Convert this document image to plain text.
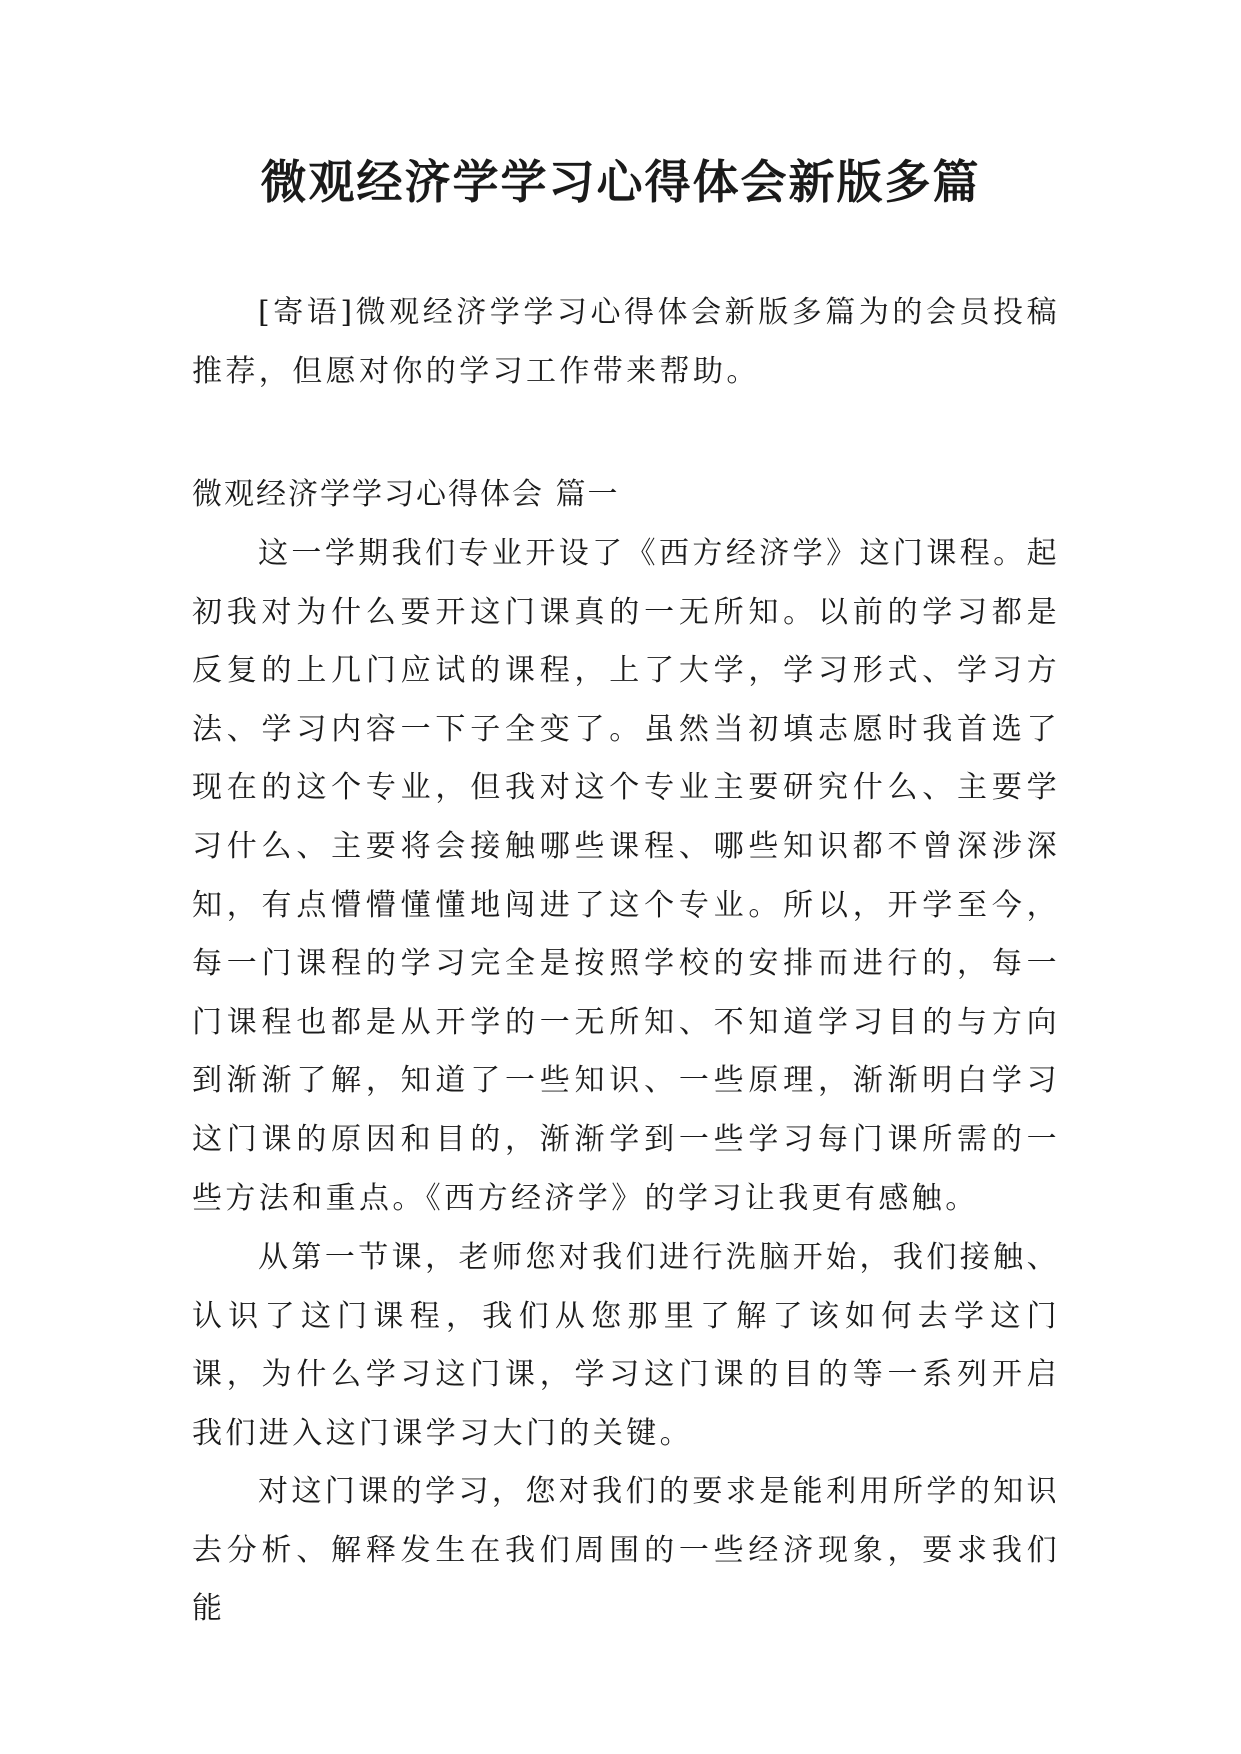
微观经济学学习心得体会新版多篇

[寄语]微观经济学学习心得体会新版多篇为的会员投稿推荐，但愿对你的学习工作带来帮助。

微观经济学学习心得体会 篇一

这一学期我们专业开设了《西方经济学》这门课程。起初我对为什么要开这门课真的一无所知。以前的学习都是反复的上几门应试的课程，上了大学，学习形式、学习方法、学习内容一下子全变了。虽然当初填志愿时我首选了现在的这个专业，但我对这个专业主要研究什么、主要学习什么、主要将会接触哪些课程、哪些知识都不曾深涉深知，有点懵懵懂懂地闯进了这个专业。所以，开学至今，每一门课程的学习完全是按照学校的安排而进行的，每一门课程也都是从开学的一无所知、不知道学习目的与方向到渐渐了解，知道了一些知识、一些原理，渐渐明白学习这门课的原因和目的，渐渐学到一些学习每门课所需的一些方法和重点。《西方经济学》的学习让我更有感触。

从第一节课，老师您对我们进行洗脑开始，我们接触、认识了这门课程，我们从您那里了解了该如何去学这门课，为什么学习这门课，学习这门课的目的等一系列开启我们进入这门课学习大门的关键。

对这门课的学习，您对我们的要求是能利用所学的知识去分析、解释发生在我们周围的一些经济现象，要求我们能
